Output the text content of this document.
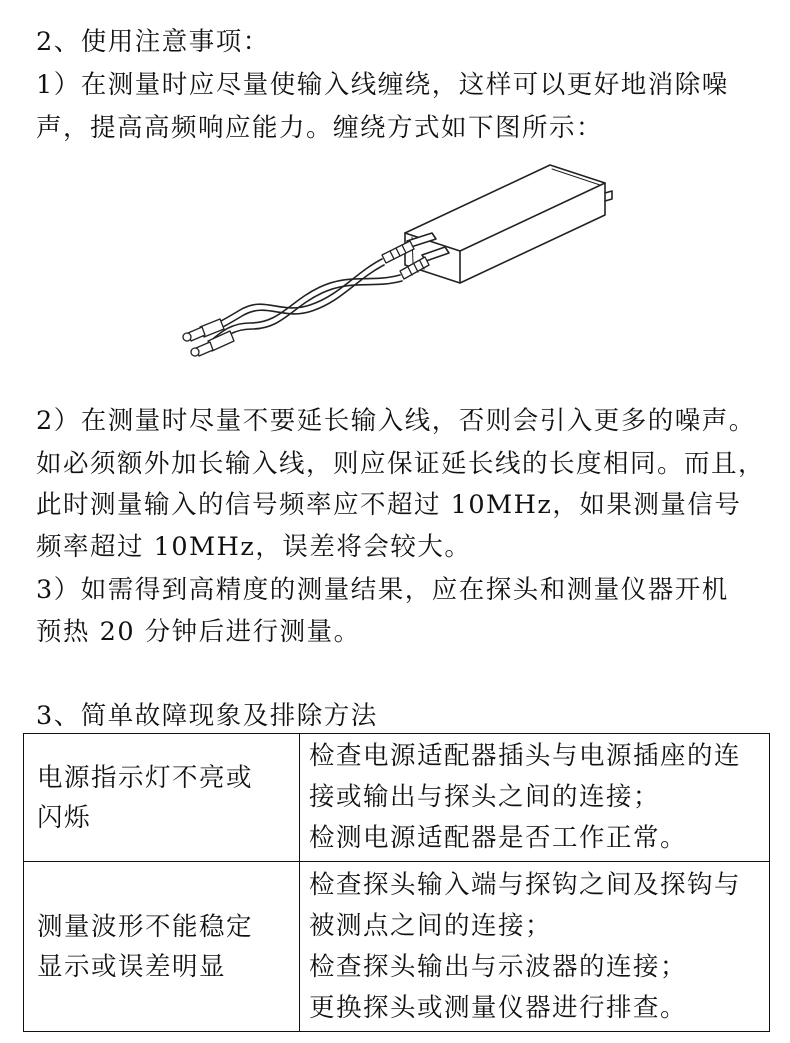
2、使用注意事项：
1）在测量时应尽量使输入线缠绕，这样可以更好地消除噪
声，提高高频响应能力。缠绕方式如下图所示：
2）在测量时尽量不要延长输入线，否则会引入更多的噪声。
如必须额外加长输入线，则应保证延长线的长度相同。而且，
此时测量输入的信号频率应不超过 10MHz，如果测量信号
频率超过 10MHz，误差将会较大。
3）如需得到高精度的测量结果，应在探头和测量仪器开机
预热 20 分钟后进行测量。
3、简单故障现象及排除方法
电源指示灯不亮或
闪烁	检查电源适配器插头与电源插座的连
接或输出与探头之间的连接；
检测电源适配器是否工作正常。

测量波形不能稳定
显示或误差明显	检查探头输入端与探钩之间及探钩与
被测点之间的连接；
检查探头输出与示波器的连接；
更换探头或测量仪器进行排查。
